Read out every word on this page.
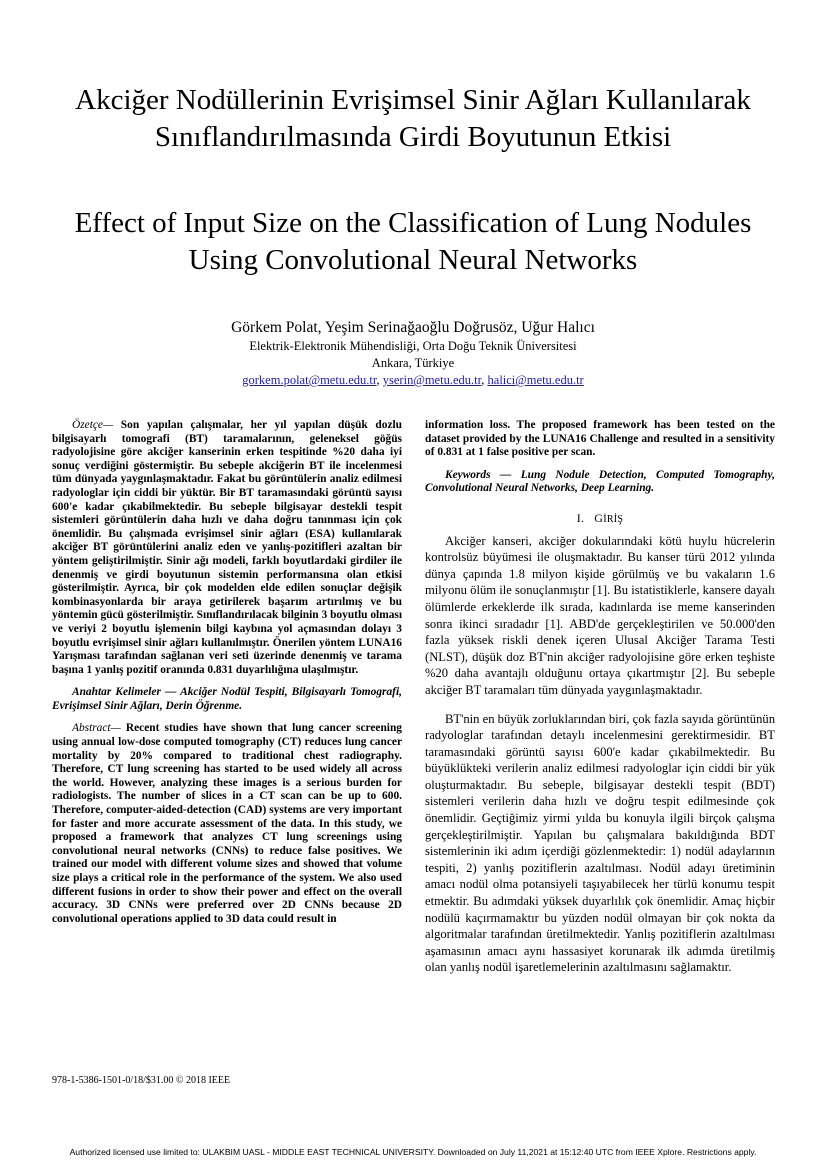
Akciğer Nodüllerinin Evrişimsel Sinir Ağları Kullanılarak Sınıflandırılmasında Girdi Boyutunun Etkisi
Effect of Input Size on the Classification of Lung Nodules Using Convolutional Neural Networks
Görkem Polat, Yeşim Serinağaoğlu Doğrusöz, Uğur Halıcı
Elektrik-Elektronik Mühendisliği, Orta Doğu Teknik Üniversitesi
Ankara, Türkiye
gorkem.polat@metu.edu.tr, yserin@metu.edu.tr, halici@metu.edu.tr

Özetçe— Son yapılan çalışmalar, her yıl yapılan düşük dozlu bilgisayarlı tomografi (BT) taramalarının, geleneksel göğüs radyolojisine göre akciğer kanserinin erken tespitinde %20 daha iyi sonuç verdiğini göstermiştir. Bu sebeple akciğerin BT ile incelenmesi tüm dünyada yaygınlaşmaktadır. Fakat bu görüntülerin analiz edilmesi radyologlar için ciddi bir yüktür. Bir BT taramasındaki görüntü sayısı 600'e kadar çıkabilmektedir. Bu sebeple bilgisayar destekli tespit sistemleri görüntülerin daha hızlı ve daha doğru tanınması için çok önemlidir. Bu çalışmada evrişimsel sinir ağları (ESA) kullanılarak akciğer BT görüntülerini analiz eden ve yanlış-pozitifleri azaltan bir yöntem geliştirilmiştir. Sinir ağı modeli, farklı boyutlardaki girdiler ile denenmiş ve girdi boyutunun sistemin performansına olan etkisi gösterilmiştir. Ayrıca, bir çok modelden elde edilen sonuçlar değişik kombinasyonlarda bir araya getirilerek başarım artırılmış ve bu yöntemin gücü gösterilmiştir. Sınıflandırılacak bilginin 3 boyutlu olması ve veriyi 2 boyutlu işlemenin bilgi kaybına yol açmasından dolayı 3 boyutlu evrişimsel sinir ağları kullanılmıştır. Önerilen yöntem LUNA16 Yarışması tarafından sağlanan veri seti üzerinde denenmiş ve tarama başına 1 yanlış pozitif oranında 0.831 duyarlılığına ulaşılmıştır.

Anahtar Kelimeler — Akciğer Nodül Tespiti, Bilgisayarlı Tomografi, Evrişimsel Sinir Ağları, Derin Öğrenme.

Abstract— Recent studies have shown that lung cancer screening using annual low-dose computed tomography (CT) reduces lung cancer mortality by 20% compared to traditional chest radiography. Therefore, CT lung screening has started to be used widely all across the world. However, analyzing these images is a serious burden for radiologists. The number of slices in a CT scan can be up to 600. Therefore, computer-aided-detection (CAD) systems are very important for faster and more accurate assessment of the data. In this study, we proposed a framework that analyzes CT lung screenings using convolutional neural networks (CNNs) to reduce false positives. We trained our model with different volume sizes and showed that volume size plays a critical role in the performance of the system. We also used different fusions in order to show their power and effect on the overall accuracy. 3D CNNs were preferred over 2D CNNs because 2D convolutional operations applied to 3D data could result in

information loss. The proposed framework has been tested on the dataset provided by the LUNA16 Challenge and resulted in a sensitivity of 0.831 at 1 false positive per scan.

Keywords — Lung Nodule Detection, Computed Tomography, Convolutional Neural Networks, Deep Learning.

I. GİRİŞ

Akciğer kanseri, akciğer dokularındaki kötü huylu hücrelerin kontrolsüz büyümesi ile oluşmaktadır. Bu kanser türü 2012 yılında dünya çapında 1.8 milyon kişide görülmüş ve bu vakaların 1.6 milyonu ölüm ile sonuçlanmıştır [1]. Bu istatistiklerle, kansere dayalı ölümlerde erkeklerde ilk sırada, kadınlarda ise meme kanserinden sonra ikinci sıradadır [1]. ABD'de gerçekleştirilen ve 50.000'den fazla yüksek riskli denek içeren Ulusal Akciğer Tarama Testi (NLST), düşük doz BT'nin akciğer radyolojisine göre erken teşhiste %20 daha avantajlı olduğunu ortaya çıkartmıştır [2]. Bu sebeple akciğer BT taramaları tüm dünyada yaygınlaşmaktadır.

BT'nin en büyük zorluklarından biri, çok fazla sayıda görüntünün radyologlar tarafından detaylı incelenmesini gerektirmesidir. BT taramasındaki görüntü sayısı 600'e kadar çıkabilmektedir. Bu büyüklükteki verilerin analiz edilmesi radyologlar için ciddi bir yük oluşturmaktadır. Bu sebeple, bilgisayar destekli tespit (BDT) sistemleri verilerin daha hızlı ve doğru tespit edilmesinde çok önemlidir. Geçtiğimiz yirmi yılda bu konuyla ilgili birçok çalışma gerçekleştirilmiştir. Yapılan bu çalışmalara bakıldığında BDT sistemlerinin iki adım içerdiği gözlenmektedir: 1) nodül adaylarının tespiti, 2) yanlış pozitiflerin azaltılması. Nodül adayı üretiminin amacı nodül olma potansiyeli taşıyabilecek her türlü konumu tespit etmektir. Bu adımdaki yüksek duyarlılık çok önemlidir. Amaç hiçbir nodülü kaçırmamaktır bu yüzden nodül olmayan bir çok nokta da algoritmalar tarafından üretilmektedir. Yanlış pozitiflerin azaltılması aşamasının amacı aynı hassasiyet korunarak ilk adımda üretilmiş olan yanlış nodül işaretlemelerinin azaltılmasını sağlamaktır.

978-1-5386-1501-0/18/$31.00 © 2018 IEEE
Authorized licensed use limited to: ULAKBIM UASL - MIDDLE EAST TECHNICAL UNIVERSITY. Downloaded on July 11,2021 at 15:12:40 UTC from IEEE Xplore. Restrictions apply.
